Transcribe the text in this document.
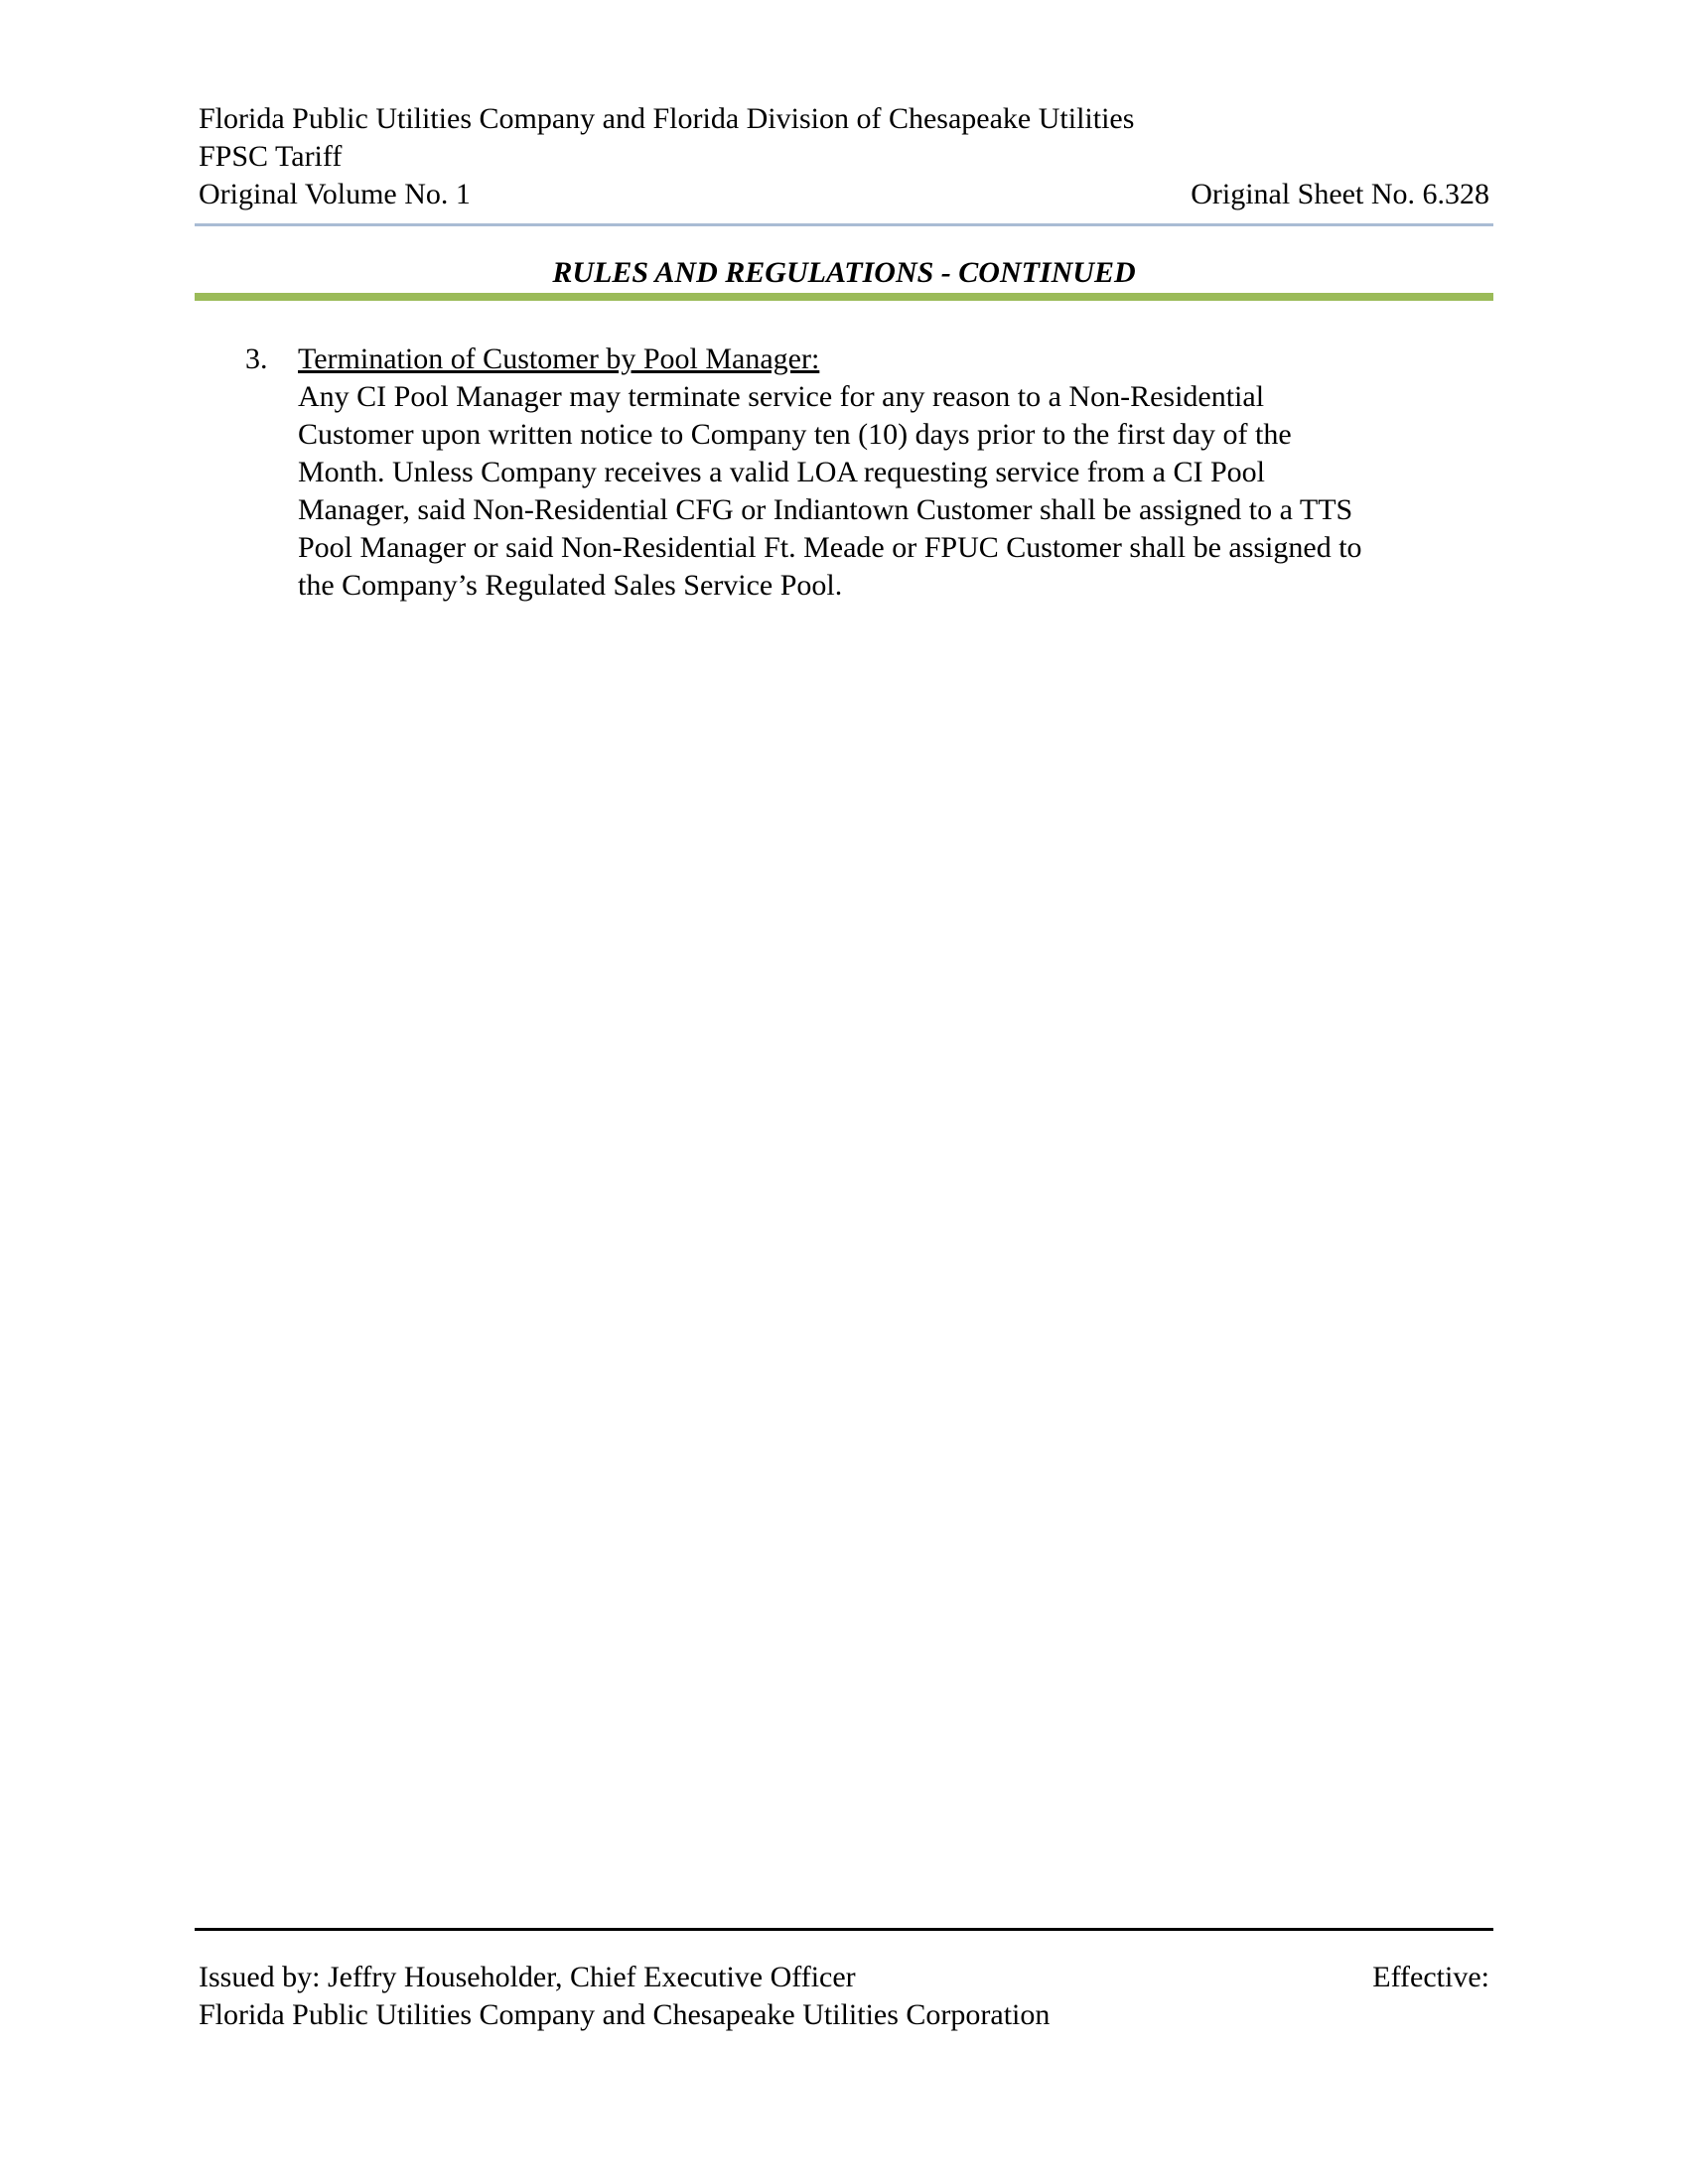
Florida Public Utilities Company and Florida Division of Chesapeake Utilities
FPSC Tariff
Original Volume No. 1	Original Sheet No. 6.328
RULES AND REGULATIONS - CONTINUED
3. Termination of Customer by Pool Manager:
Any CI Pool Manager may terminate service for any reason to a Non-Residential
Customer upon written notice to Company ten (10) days prior to the first day of the
Month. Unless Company receives a valid LOA requesting service from a CI Pool
Manager, said Non-Residential CFG or Indiantown Customer shall be assigned to a TTS
Pool Manager or said Non-Residential Ft. Meade or FPUC Customer shall be assigned to
the Company’s Regulated Sales Service Pool.
Issued by: Jeffry Householder, Chief Executive Officer	Effective:
Florida Public Utilities Company and Chesapeake Utilities Corporation
